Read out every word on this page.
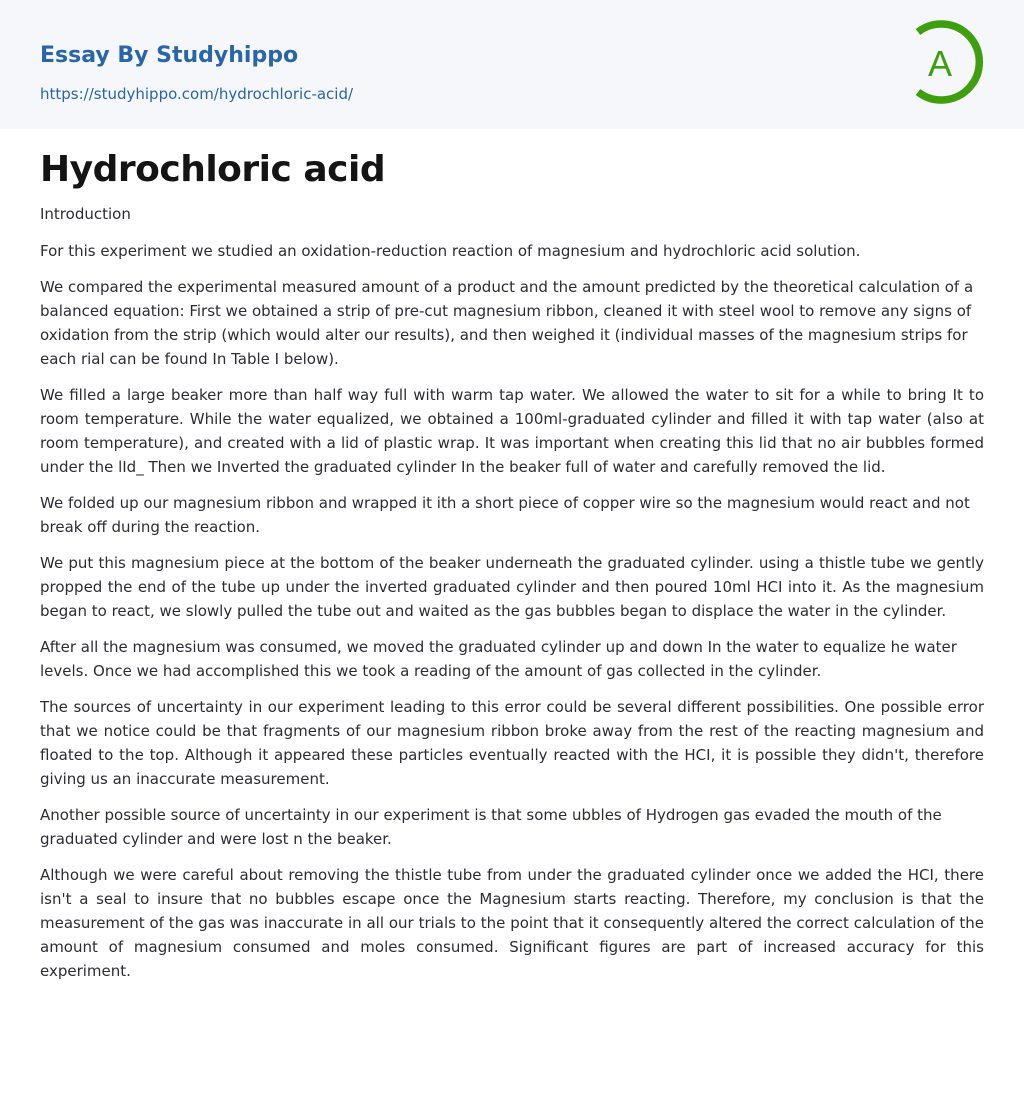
Essay By Studyhippo
https://studyhippo.com/hydrochloric-acid/
A
Hydrochloric acid

Introduction

For this experiment we studied an oxidation-reduction reaction of magnesium and hydrochloric acid solution.

We compared the experimental measured amount of a product and the amount predicted by the theoretical calculation of a balanced equation: First we obtained a strip of pre-cut magnesium ribbon, cleaned it with steel wool to remove any signs of oxidation from the strip (which would alter our results), and then weighed it (individual masses of the magnesium strips for each rial can be found In Table I below).

We filled a large beaker more than half way full with warm tap water. We allowed the water to sit for a while to bring It to room temperature. While the water equalized, we obtained a 100ml-graduated cylinder and filled it with tap water (also at room temperature), and created with a lid of plastic wrap. It was important when creating this lid that no air bubbles formed under the lId_ Then we Inverted the graduated cylinder In the beaker full of water and carefully removed the lid.

We folded up our magnesium ribbon and wrapped it ith a short piece of copper wire so the magnesium would react and not break off during the reaction.

We put this magnesium piece at the bottom of the beaker underneath the graduated cylinder. using a thistle tube we gently propped the end of the tube up under the inverted graduated cylinder and then poured 10ml HCI into it. As the magnesium began to react, we slowly pulled the tube out and waited as the gas bubbles began to displace the water in the cylinder.

After all the magnesium was consumed, we moved the graduated cylinder up and down In the water to equalize he water levels. Once we had accomplished this we took a reading of the amount of gas collected in the cylinder.

The sources of uncertainty in our experiment leading to this error could be several different possibilities. One possible error that we notice could be that fragments of our magnesium ribbon broke away from the rest of the reacting magnesium and floated to the top. Although it appeared these particles eventually reacted with the HCI, it is possible they didn't, therefore giving us an inaccurate measurement.

Another possible source of uncertainty in our experiment is that some ubbles of Hydrogen gas evaded the mouth of the graduated cylinder and were lost n the beaker.

Although we were careful about removing the thistle tube from under the graduated cylinder once we added the HCI, there isn't a seal to insure that no bubbles escape once the Magnesium starts reacting. Therefore, my conclusion is that the measurement of the gas was inaccurate in all our trials to the point that it consequently altered the correct calculation of the amount of magnesium consumed and moles consumed. Significant figures are part of increased accuracy for this experiment.
